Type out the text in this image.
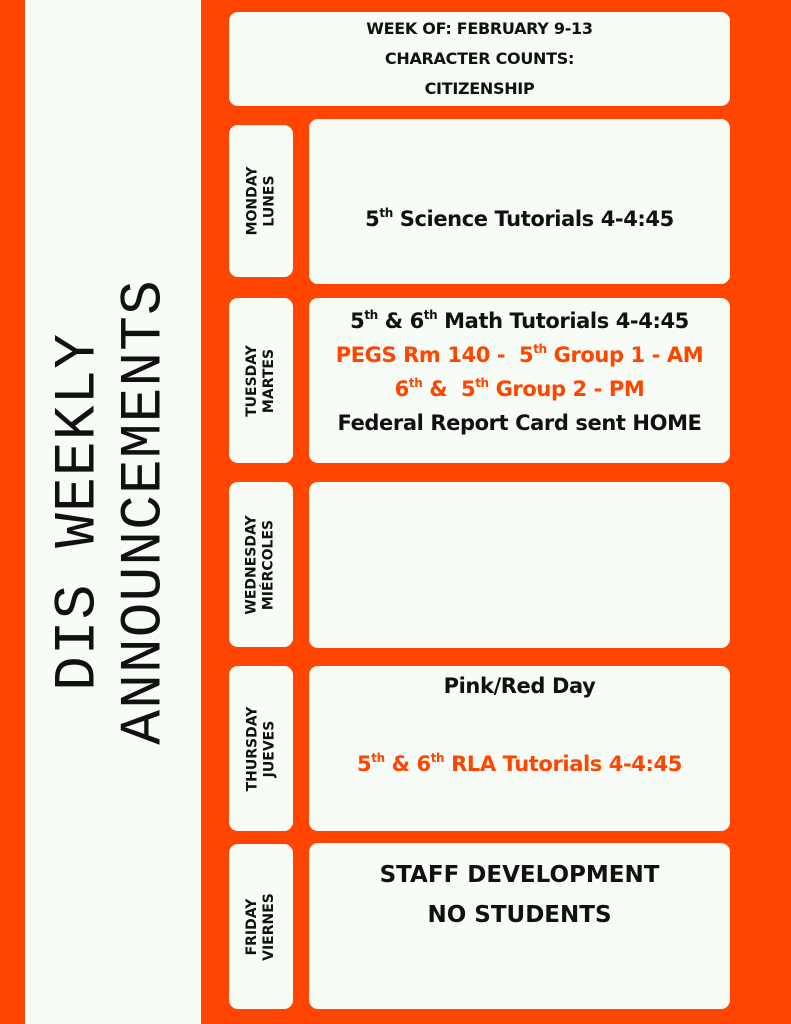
DIS WEEKLY ANNOUNCEMENTS
WEEK OF: FEBRUARY 9-13
CHARACTER COUNTS:
CITIZENSHIP
MONDAY LUNES	5th Science Tutorials 4-4:45
TUESDAY MARTES
5th & 6th Math Tutorials 4-4:45
PEGS Rm 140 -  5th Group 1 - AM
6th &  5th Group 2 - PM
Federal Report Card sent HOME
WEDNESDAY MIÉRCOLES
THURSDAY JUEVES
Pink/Red Day
5th & 6th RLA Tutorials 4-4:45
FRIDAY VIERNES
STAFF DEVELOPMENT
NO STUDENTS
